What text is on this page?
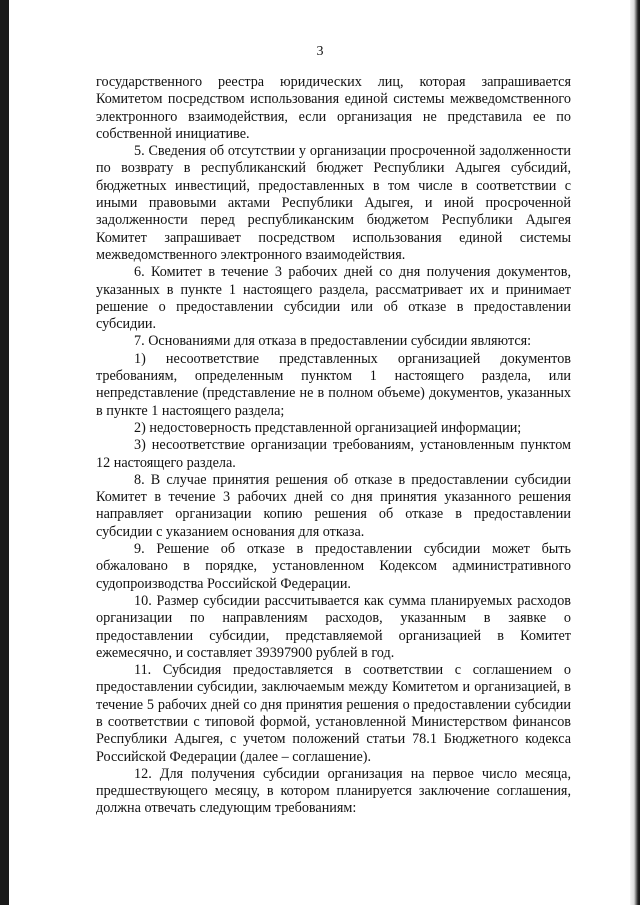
3

государственного реестра юридических лиц, которая запрашивается Комитетом посредством использования единой системы межведомственного электронного взаимодействия, если организация не представила ее по собственной инициативе.

5. Сведения об отсутствии у организации просроченной задолженности по возврату в республиканский бюджет Республики Адыгея субсидий, бюджетных инвестиций, предоставленных в том числе в соответствии с иными правовыми актами Республики Адыгея, и иной просроченной задолженности перед республиканским бюджетом Республики Адыгея Комитет запрашивает посредством использования единой системы межведомственного электронного взаимодействия.

6. Комитет в течение 3 рабочих дней со дня получения документов, указанных в пункте 1 настоящего раздела, рассматривает их и принимает решение о предоставлении субсидии или об отказе в предоставлении субсидии.

7. Основаниями для отказа в предоставлении субсидии являются:

1) несоответствие представленных организацией документов требованиям, определенным пунктом 1 настоящего раздела, или непредставление (представление не в полном объеме) документов, указанных в пункте 1 настоящего раздела;

2) недостоверность представленной организацией информации;

3) несоответствие организации требованиям, установленным пунктом 12 настоящего раздела.

8. В случае принятия решения об отказе в предоставлении субсидии Комитет в течение 3 рабочих дней со дня принятия указанного решения направляет организации копию решения об отказе в предоставлении субсидии с указанием основания для отказа.

9. Решение об отказе в предоставлении субсидии может быть обжаловано в порядке, установленном Кодексом административного судопроизводства Российской Федерации.

10. Размер субсидии рассчитывается как сумма планируемых расходов организации по направлениям расходов, указанным в заявке о предоставлении субсидии, представляемой организацией в Комитет ежемесячно, и составляет 39397900 рублей в год.

11. Субсидия предоставляется в соответствии с соглашением о предоставлении субсидии, заключаемым между Комитетом и организацией, в течение 5 рабочих дней со дня принятия решения о предоставлении субсидии в соответствии с типовой формой, установленной Министерством финансов Республики Адыгея, с учетом положений статьи 78.1 Бюджетного кодекса Российской Федерации (далее – соглашение).

12. Для получения субсидии организация на первое число месяца, предшествующего месяцу, в котором планируется заключение соглашения, должна отвечать следующим требованиям:
